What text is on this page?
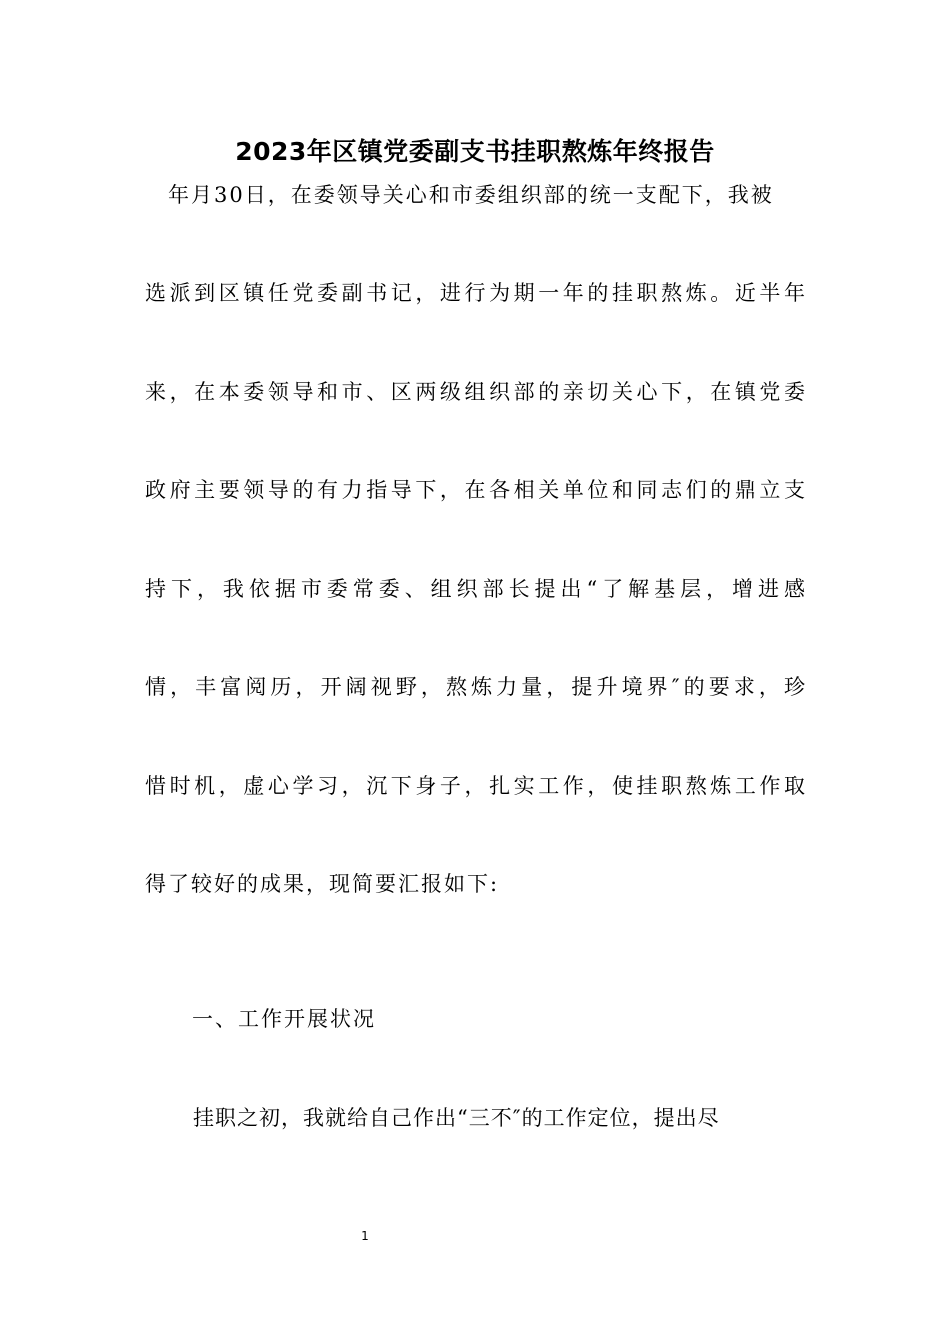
2023年区镇党委副支书挂职熬炼年终报告

年月30日，在委领导关心和市委组织部的统一支配下，我被

选派到区镇任党委副书记，进行为期一年的挂职熬炼。近半年

来，在本委领导和市、区两级组织部的亲切关心下，在镇党委

政府主要领导的有力指导下，在各相关单位和同志们的鼎立支

持下，我依据市委常委、组织部长提出“了解基层，增进感

情，丰富阅历，开阔视野，熬炼力量，提升境界″的要求，珍

惜时机，虚心学习，沉下身子，扎实工作，使挂职熬炼工作取

得了较好的成果，现简要汇报如下:

一、工作开展状况

挂职之初，我就给自己作出“三不″的工作定位，提出尽

1
